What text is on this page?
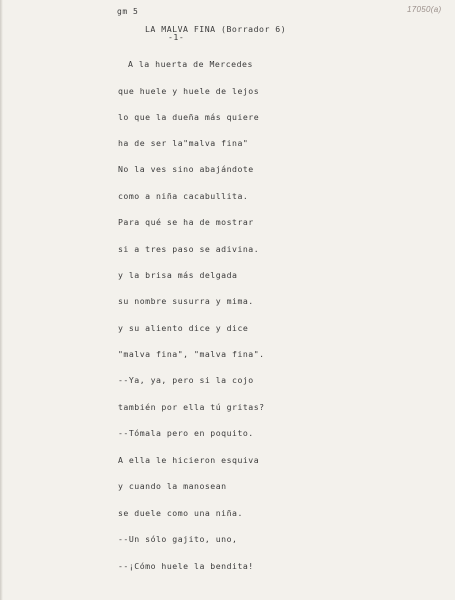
gm 5	17050(a)
LA MALVA FINA (Borrador 6)
-1-
A la huerta de Mercedes
que huele y huele de lejos
lo que la dueña más quiere
ha de ser la"malva fina"
No la ves sino abajándote
como a niña cacabullita.
Para qué se ha de mostrar
si a tres paso se adivina.
y la brisa más delgada
su nombre susurra y mima.
y su aliento dice y dice
"malva fina", "malva fina".
--Ya, ya, pero si la cojo
también por ella tú gritas?
--Tómala pero en poquito.
A ella le hicieron esquiva
y cuando la manosean
se duele como una niña.
--Un sólo gajito, uno,
--¡Cómo huele la bendita!
